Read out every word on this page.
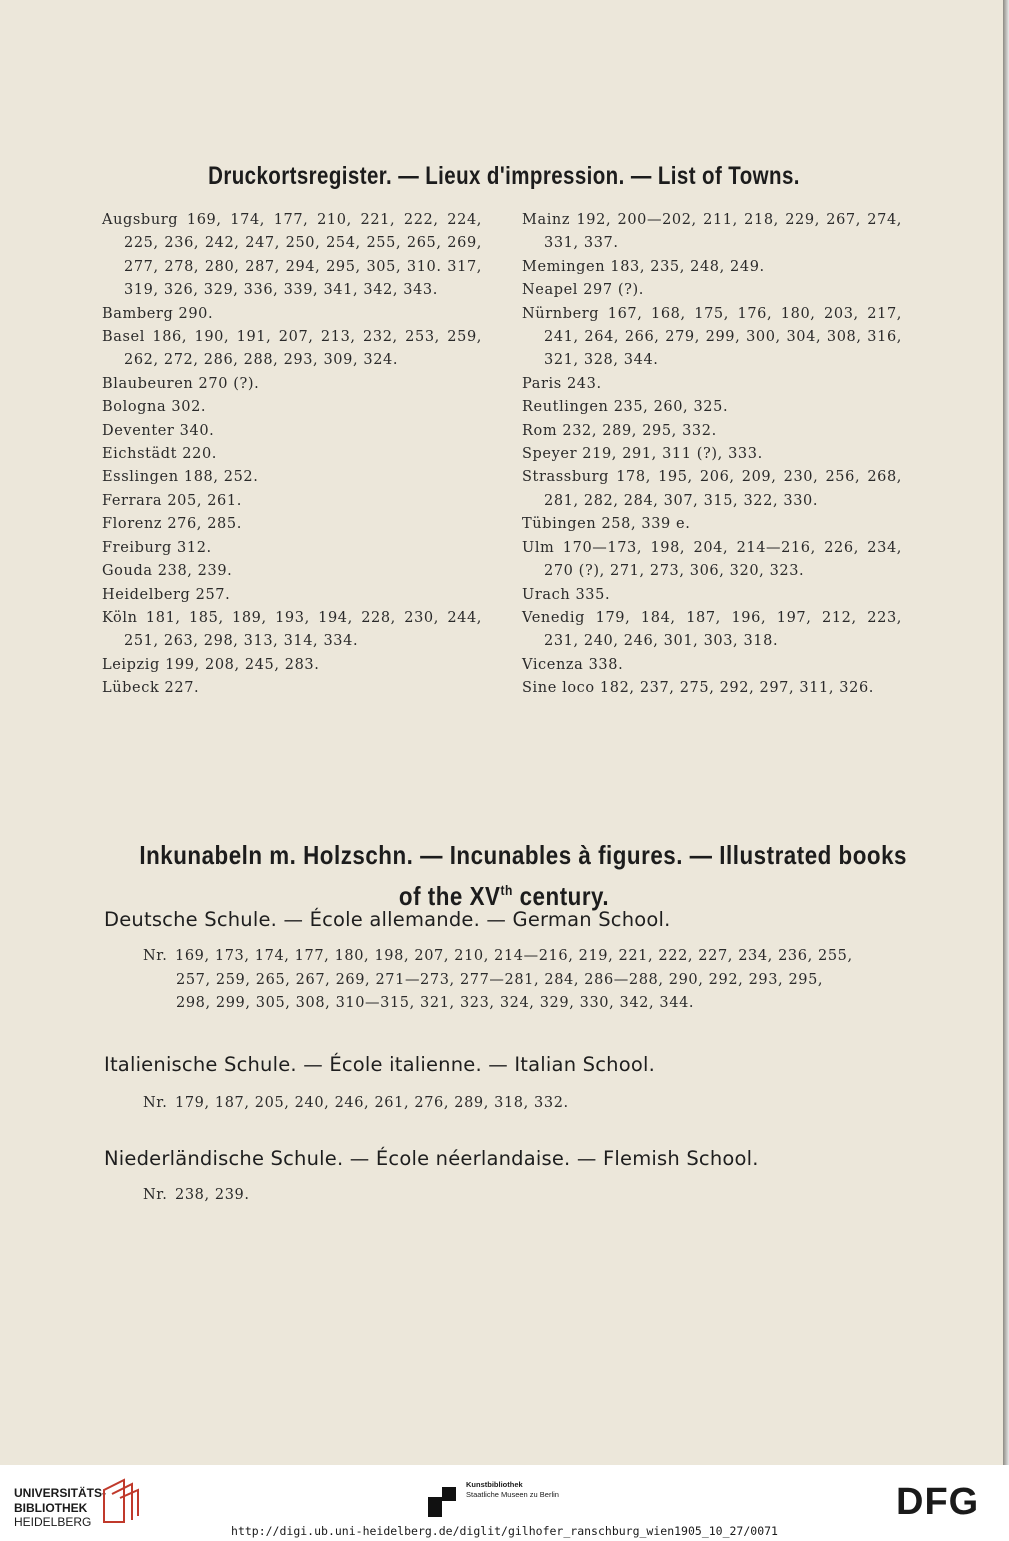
Druckortsregister. — Lieux d'impression. — List of Towns.

Augsburg 169, 174, 177, 210, 221, 222, 224, 225, 236, 242, 247, 250, 254, 255, 265, 269, 277, 278, 280, 287, 294, 295, 305, 310. 317, 319, 326, 329, 336, 339, 341, 342, 343.

Bamberg 290.

Basel 186, 190, 191, 207, 213, 232, 253, 259, 262, 272, 286, 288, 293, 309, 324.

Blaubeuren 270 (?).

Bologna 302.

Deventer 340.

Eichstädt 220.

Esslingen 188, 252.

Ferrara 205, 261.

Florenz 276, 285.

Freiburg 312.

Gouda 238, 239.

Heidelberg 257.

Köln 181, 185, 189, 193, 194, 228, 230, 244, 251, 263, 298, 313, 314, 334.

Leipzig 199, 208, 245, 283.

Lübeck 227.

Mainz 192, 200—202, 211, 218, 229, 267, 274, 331, 337.

Memingen 183, 235, 248, 249.

Neapel 297 (?).

Nürnberg 167, 168, 175, 176, 180, 203, 217, 241, 264, 266, 279, 299, 300, 304, 308, 316, 321, 328, 344.

Paris 243.

Reutlingen 235, 260, 325.

Rom 232, 289, 295, 332.

Speyer 219, 291, 311 (?), 333.

Strassburg 178, 195, 206, 209, 230, 256, 268, 281, 282, 284, 307, 315, 322, 330.

Tübingen 258, 339 e.

Ulm 170—173, 198, 204, 214—216, 226, 234, 270 (?), 271, 273, 306, 320, 323.

Urach 335.

Venedig 179, 184, 187, 196, 197, 212, 223, 231, 240, 246, 301, 303, 318.

Vicenza 338.

Sine loco 182, 237, 275, 292, 297, 311, 326.

Inkunabeln m. Holzschn. — Incunables à figures. — Illustrated books
of the XVth century.
Deutsche Schule. — École allemande. — German School.
Nr. 169, 173, 174, 177, 180, 198, 207, 210, 214—216, 219, 221, 222, 227, 234, 236, 255,
257, 259, 265, 267, 269, 271—273, 277—281, 284, 286—288, 290, 292, 293, 295,
298, 299, 305, 308, 310—315, 321, 323, 324, 329, 330, 342, 344.
Italienische Schule. — École italienne. — Italian School.
Nr. 179, 187, 205, 240, 246, 261, 276, 289, 318, 332.
Niederländische Schule. — École néerlandaise. — Flemish School.
Nr. 238, 239.
UNIVERSITÄTS-
BIBLIOTHEK
HEIDELBERG
Kunstbibliothek
Staatliche Museen zu Berlin	DFG
http://digi.ub.uni-heidelberg.de/diglit/gilhofer_ranschburg_wien1905_10_27/0071
